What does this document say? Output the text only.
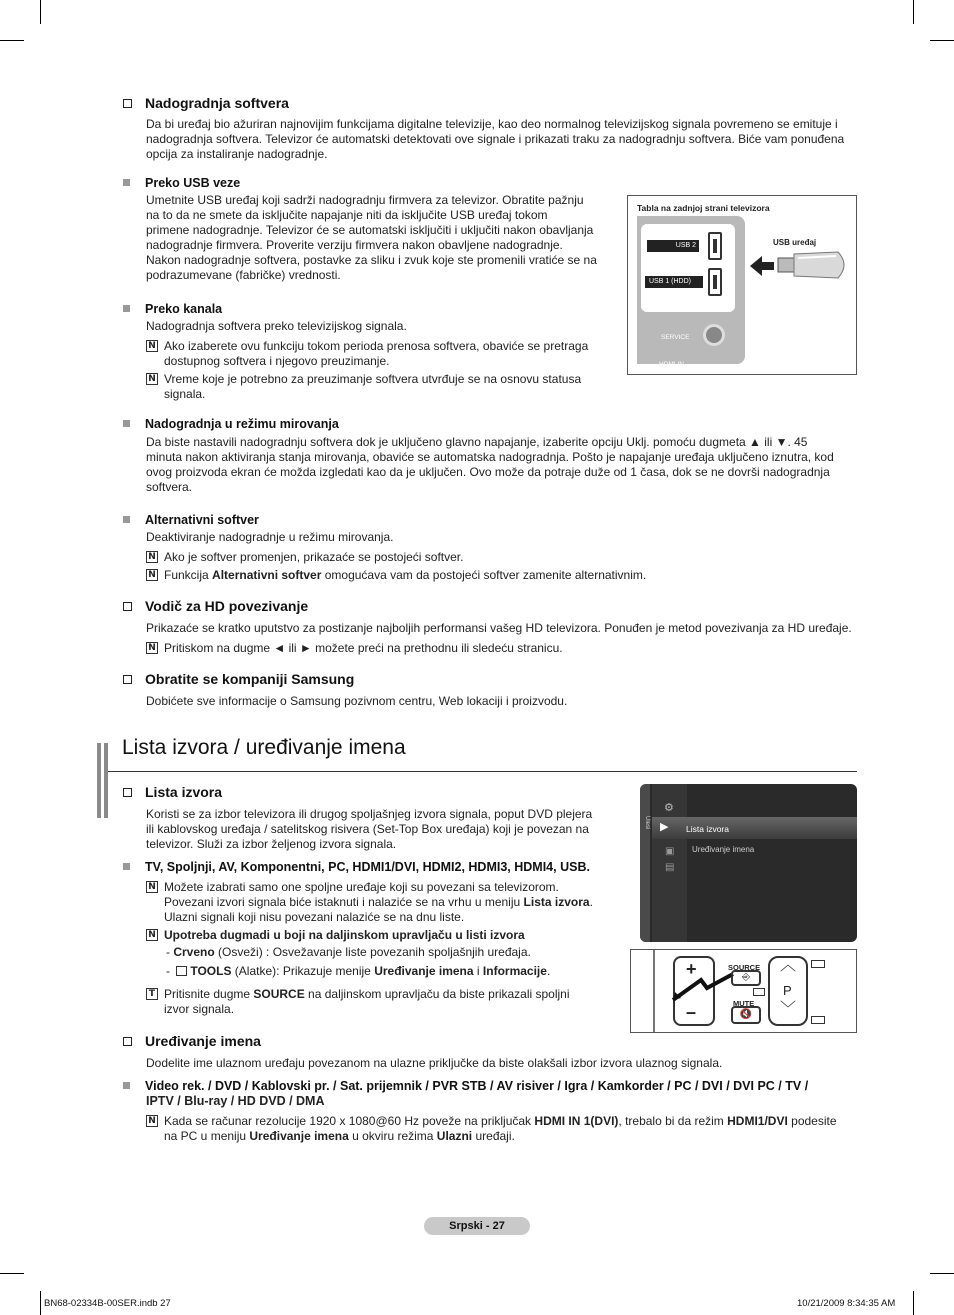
Nadogradnja softvera
Da bi uređaj bio ažuriran najnovijim funkcijama digitalne televizije, kao deo normalnog televizijskog signala povremeno se emituje i
nadogradnja softvera. Televizor će automatski detektovati ove signale i prikazati traku za nadogradnju softvera. Biće vam ponuđena
opcija za instaliranje nadogradnje.
Preko USB veze
Umetnite USB uređaj koji sadrži nadogradnju firmvera za televizor. Obratite pažnju
na to da ne smete da isključite napajanje niti da isključite USB uređaj tokom
primene nadogradnje. Televizor će se automatski isključiti i uključiti nakon obavljanja
nadogradnje firmvera. Proverite verziju firmvera nakon obavljene nadogradnje.
Nakon nadogradnje softvera, postavke za sliku i zvuk koje ste promenili vratiće se na
podrazumevane (fabričke) vrednosti.
Tabla na zadnjoj strani televizora
USB 2
USB 1 (HDD)
SERVICE
HDMI IN
USB uređaj
Preko kanala
Nadogradnja softvera preko televizijskog signala.
N Ako izaberete ovu funkciju tokom perioda prenosa softvera, obaviće se pretraga
dostupnog softvera i njegovo preuzimanje.
N Vreme koje je potrebno za preuzimanje softvera utvrđuje se na osnovu statusa
signala.
Nadogradnja u režimu mirovanja
Da biste nastavili nadogradnju softvera dok je uključeno glavno napajanje, izaberite opciju Uklj. pomoću dugmeta ▲ ili ▼. 45
minuta nakon aktiviranja stanja mirovanja, obaviće se automatska nadogradnja. Pošto je napajanje uređaja uključeno iznutra, kod
ovog proizvoda ekran će možda izgledati kao da je uključen. Ovo može da potraje duže od 1 časa, dok se ne dovrši nadogradnja
softvera.
Alternativni softver
Deaktiviranje nadogradnje u režimu mirovanja.
N Ako je softver promenjen, prikazaće se postojeći softver.
N Funkcija Alternativni softver omogućava vam da postojeći softver zamenite alternativnim.
Vodič za HD povezivanje
Prikazaće se kratko uputstvo za postizanje najboljih performansi vašeg HD televizora. Ponuđen je metod povezivanja za HD uređaje.
N Pritiskom na dugme ◄ ili ► možete preći na prethodnu ili sledeću stranicu.
Obratite se kompaniji Samsung
Dobićete sve informacije o Samsung pozivnom centru, Web lokaciji i proizvodu.
Lista izvora / uređivanje imena
Lista izvora
Koristi se za izbor televizora ili drugog spoljašnjeg izvora signala, poput DVD plejera
ili kablovskog uređaja / satelitskog risivera (Set-Top Box uređaja) koji je povezan na
televizor. Služi za izbor željenog izvora signala.
Ulesi
⚙
▶ Lista izvora
Uređivanje imena
▣
▤
TV, Spoljnji, AV, Komponentni, PC, HDMI1/DVI, HDMI2, HDMI3, HDMI4, USB.
N Možete izabrati samo one spoljne uređaje koji su povezani sa televizorom.
Povezani izvori signala biće istaknuti i nalaziće se na vrhu u meniju Lista izvora.
Ulazni signali koji nisu povezani nalaziće se na dnu liste.
N Upotreba dugmadi u boji na daljinskom upravljaču u listi izvora
- Crveno (Osveži) : Osvežavanje liste povezanih spoljašnjih uređaja.
- TOOLS (Alatke): Prikazuje menije Uređivanje imena i Informacije.
T Pritisnite dugme SOURCE na daljinskom upravljaču da biste prikazali spoljni
izvor signala.
+
–
SOURCE
⎆
MUTE
🔇
︿
P
﹀
Uređivanje imena
Dodelite ime ulaznom uređaju povezanom na ulazne priključke da biste olakšali izbor izvora ulaznog signala.
Video rek. / DVD / Kablovski pr. / Sat. prijemnik / PVR STB / AV risiver / Igra / Kamkorder / PC / DVI / DVI PC / TV /
IPTV / Blu-ray / HD DVD / DMA
N Kada se računar rezolucije 1920 x 1080@60 Hz poveže na priključak HDMI IN 1(DVI), trebalo bi da režim HDMI1/DVI podesite
na PC u meniju Uređivanje imena u okviru režima Ulazni uređaji.
Srpski - 27
BN68-02334B-00SER.indb 27	10/21/2009 8:34:35 AM
